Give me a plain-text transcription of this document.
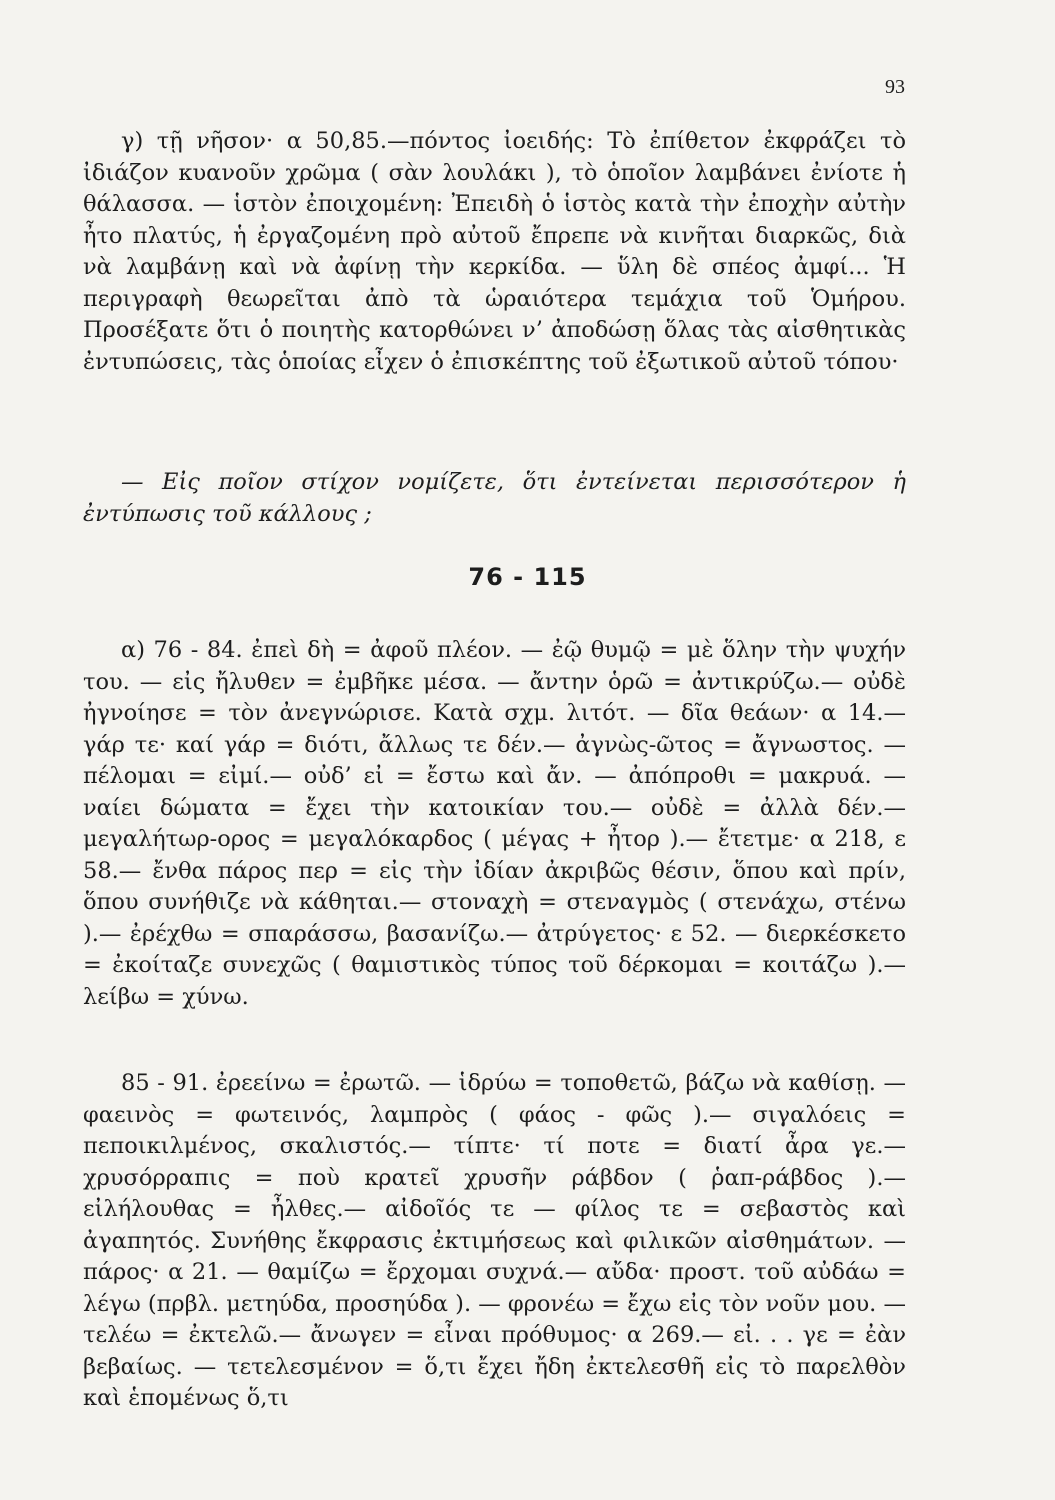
93

γ) τῇ νῆσον· α 50,85.—πόντος ἰοειδής: Τὸ ἐπίθετον ἐκφράζει τὸ ἰδιάζον κυανοῦν χρῶμα ( σὰν λουλάκι ), τὸ ὁποῖον λαμβάνει ἐνίοτε ἡ θάλασσα. — ἱστὸν ἐποιχομένη: Ἐπειδὴ ὁ ἱστὸς κατὰ τὴν ἐποχὴν αὐτὴν ἦτο πλατύς, ἡ ἐργαζομένη πρὸ αὐτοῦ ἔπρεπε νὰ κινῆται διαρκῶς, διὰ νὰ λαμβάνῃ καὶ νὰ ἀφίνῃ τὴν κερκίδα. — ὕλη δὲ σπέος ἀμφί... Ἡ περιγραφὴ θεωρεῖται ἀπὸ τὰ ὡραιότερα τεμάχια τοῦ Ὁμήρου. Προσέξατε ὅτι ὁ ποιητὴς κατορθώνει ν’ ἀποδώσῃ ὅλας τὰς αἰσθητικὰς ἐντυπώσεις, τὰς ὁποίας εἶχεν ὁ ἐπισκέπτης τοῦ ἐξωτικοῦ αὐτοῦ τόπου·

— Εἰς ποῖον στίχον νομίζετε, ὅτι ἐντείνεται περισσότερον ἡ ἐντύπωσις τοῦ κάλλους ;

76 - 115

α) 76 - 84. ἐπεὶ δὴ = ἀφοῦ πλέον. — ἐῷ θυμῷ = μὲ ὅλην τὴν ψυχήν του. — εἰς ἤλυθεν = ἐμβῆκε μέσα. — ἄντην ὁρῶ = ἀντικρύζω.— οὐδὲ ἠγνοίησε = τὸν ἀνεγνώρισε. Κατὰ σχμ. λιτότ. — δῖα θεάων· α 14.— γάρ τε· καί γάρ = διότι, ἄλλως τε δέν.— ἀγνὼς-ῶτος = ἄγνωστος. — πέλομαι = εἰμί.— οὐδ’ εἰ = ἔστω καὶ ἄν. — ἀπόπροθι = μακρυά. — ναίει δώματα = ἔχει τὴν κατοικίαν του.— οὐδὲ = ἀλλὰ δέν.— μεγαλήτωρ-ορος = μεγαλόκαρδος ( μέγας + ἦτορ ).— ἔτετμε· α 218, ε 58.— ἔνθα πάρος περ = εἰς τὴν ἰδίαν ἀκριβῶς θέσιν, ὅπου καὶ πρίν, ὅπου συνήθιζε νὰ κάθηται.— στοναχὴ = στεναγμὸς ( στενάχω, στένω ).— ἐρέχθω = σπαράσσω, βασανίζω.— ἀτρύγετος· ε 52. — διερκέσκετο = ἐκοίταζε συνεχῶς ( θαμιστικὸς τύπος τοῦ δέρκομαι = κοιτάζω ).— λείβω = χύνω.

85 - 91. ἐρεείνω = ἐρωτῶ. — ἱδρύω = τοποθετῶ, βάζω νὰ καθίσῃ. — φαεινὸς = φωτεινός, λαμπρὸς ( φάος - φῶς ).— σιγαλόεις = πεποικιλμένος, σκαλιστός.— τίπτε· τί πoτε = διατί ἆρα γε.— χρυσόρραπις = ποὺ κρατεῖ χρυσῆν ράβδον ( ῥαπ-ράβδος ).— εἰλήλουθας = ἦλθες.— αἰδοῖός τε — φίλος τε = σεβαστὸς καὶ ἀγαπητός. Συνήθης ἔκφρασις ἐκτιμήσεως καὶ φιλικῶν αἰσθημάτων. — πάρος· α 21. — θαμίζω = ἔρχομαι συχνά.— αὔδα· προστ. τοῦ αὐδάω = λέγω (πρβλ. μετηύδα, προσηύδα ). — φρονέω = ἔχω εἰς τὸν νοῦν μου. — τελέω = ἐκτελῶ.— ἄνωγεν = εἶναι πρόθυμος· α 269.— εἰ. . . γε = ἐὰν βεβαίως. — τετελεσμένον = ὅ,τι ἔχει ἤδη ἐκτελεσθῆ εἰς τὸ παρελθὸν καὶ ἑπομένως ὅ,τι
